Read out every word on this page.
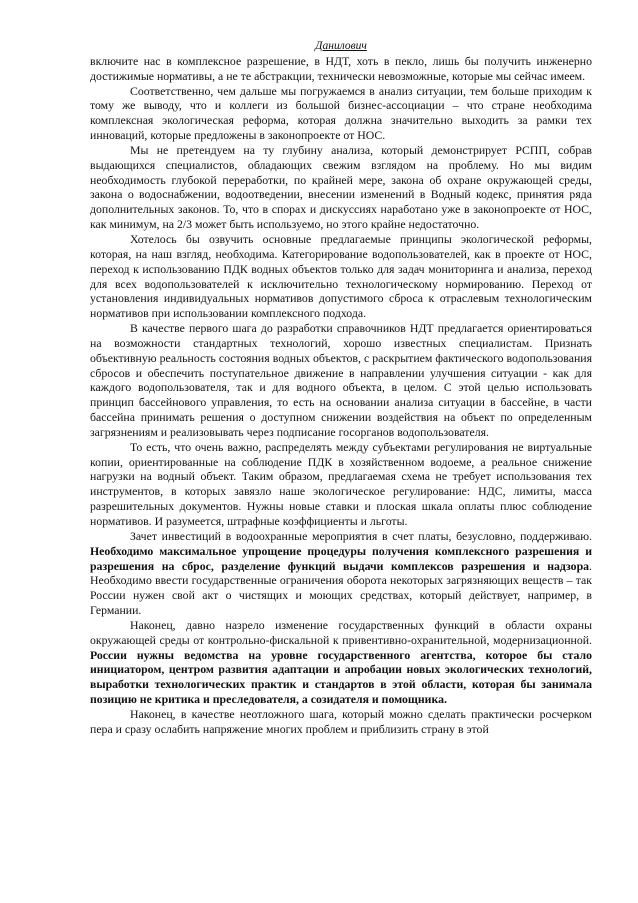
Данилович

включите нас в комплексное разрешение, в НДТ, хоть в пекло, лишь бы получить инженерно достижимые нормативы, а не те абстракции, технически невозможные, которые мы сейчас имеем.

Соответственно, чем дальше мы погружаемся в анализ ситуации, тем больше приходим к тому же выводу, что и коллеги из большой бизнес-ассоциации – что стране необходима комплексная экологическая реформа, которая должна значительно выходить за рамки тех инноваций, которые предложены в законопроекте от НОС.

Мы не претендуем на ту глубину анализа, который демонстрирует РСПП, собрав выдающихся специалистов, обладающих свежим взглядом на проблему. Но мы видим необходимость глубокой переработки, по крайней мере, закона об охране окружающей среды, закона о водоснабжении, водоотведении, внесении изменений в Водный кодекс, принятия ряда дополнительных законов. То, что в спорах и дискуссиях наработано уже в законопроекте от НОС, как минимум, на 2/3 может быть используемо, но этого крайне недостаточно.

Хотелось бы озвучить основные предлагаемые принципы экологической реформы, которая, на наш взгляд, необходима. Категорирование водопользователей, как в проекте от НОС, переход к использованию ПДК водных объектов только для задач мониторинга и анализа, переход для всех водопользователей к исключительно технологическому нормированию. Переход от установления индивидуальных нормативов допустимого сброса к отраслевым технологическим нормативов при использовании комплексного подхода.

В качестве первого шага до разработки справочников НДТ предлагается ориентироваться на возможности стандартных технологий, хорошо известных специалистам. Признать объективную реальность состояния водных объектов, с раскрытием фактического водопользования сбросов и обеспечить поступательное движение в направлении улучшения ситуации - как для каждого водопользователя, так и для водного объекта, в целом. С этой целью использовать принцип бассейнового управления, то есть на основании анализа ситуации в бассейне, в части бассейна принимать решения о доступном снижении воздействия на объект по определенным загрязнениям и реализовывать через подписание госорганов водопользователя.

То есть, что очень важно, распределять между субъектами регулирования не виртуальные копии, ориентированные на соблюдение ПДК в хозяйственном водоеме, а реальное снижение нагрузки на водный объект. Таким образом, предлагаемая схема не требует использования тех инструментов, в которых завязло наше экологическое регулирование: НДС, лимиты, масса разрешительных документов. Нужны новые ставки и плоская шкала оплаты плюс соблюдение нормативов. И разумеется, штрафные коэффициенты и льготы.

Зачет инвестиций в водоохранные мероприятия в счет платы, безусловно, поддерживаю. Необходимо максимальное упрощение процедуры получения комплексного разрешения и разрешения на сброс, разделение функций выдачи комплексов разрешения и надзора. Необходимо ввести государственные ограничения оборота некоторых загрязняющих веществ – так России нужен свой акт о чистящих и моющих средствах, который действует, например, в Германии.

Наконец, давно назрело изменение государственных функций в области охраны окружающей среды от контрольно-фискальной к привентивно-охранительной, модернизационной. России нужны ведомства на уровне государственного агентства, которое бы стало инициатором, центром развития адаптации и апробации новых экологических технологий, выработки технологических практик и стандартов в этой области, которая бы занимала позицию не критика и преследователя, а созидателя и помощника.

Наконец, в качестве неотложного шага, который можно сделать практически росчерком пера и сразу ослабить напряжение многих проблем и приблизить страну в этой
